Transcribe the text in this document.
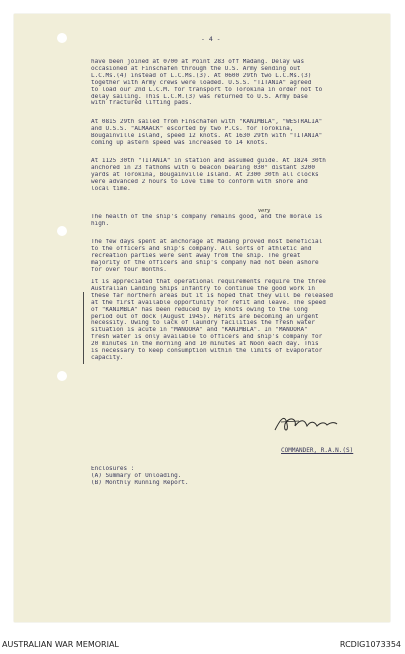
- 4 -
have been joined at 0700 at Point 283 off Madang. Delay was
occasioned at Finschafen through the U.S. Army sending out
L.C.Ms.(4) instead of L.C.Ms.(3). At 0600 29th two L.C.Ms.(3)
together with Army crews were loaded. U.S.S. "TITANIA" agreed
to load our 2nd L.C.M. for transport to Torokina in order not to
delay sailing. This L.C.M.(3) was returned to U.S. Army base
with fractured lifting pads.
At 0815 29th sailed from Finschafen with "KANIMBLA", "WESTRALIA"
and U.S.S. "ALMAACK" escorted by two P.Cs. for Torokina,
Bougainville Island, speed 12 knots. At 1630 29th with "TITANIA"
coming up astern speed was increased to 14 knots.
At 1125 30th "TITANIA" in station and assumed guide. At 1824 30th
anchored in 23 fathoms with G beacon bearing 030° distant 3200
yards at Torokina, Bougainville Island. At 2300 30th all clocks
were advanced 2 hours to Love time to conform with shore and
local time.
very
The health of the ship's company remains good, and the morale is
high.
The few days spent at anchorage at Madang proved most beneficial
to the officers and ship's company. All sorts of athletic and
recreation parties were sent away from the ship. The great
majority of the officers and ship's company had not been ashore
for over four months.
It is appreciated that operational requirements require the three
Australian Landing Ships Infantry to continue the good work in
these far northern areas but it is hoped that they will be released
at the first available opportunity for refit and leave. The speed
of "KANIMBLA" has been reduced by 1½ knots owing to the long
period out of dock (August 1945). Refits are becoming an urgent
necessity. Owing to lack of laundry facilities the fresh water
situation is acute in "MANOORA" and "KANIMBLA". In "MANOORA"
fresh water is only available to officers and ship's company for
20 minutes in the morning and 10 minutes at Noon each day. This
is necessary to keep consumption within the limits of Evaporator
capacity.
COMMANDER, R.A.N.(S)
Enclosures :
(A) Summary of Unloading.
(B) Monthly Running Report.
AUSTRALIAN WAR MEMORIAL	RCDIG1073354
